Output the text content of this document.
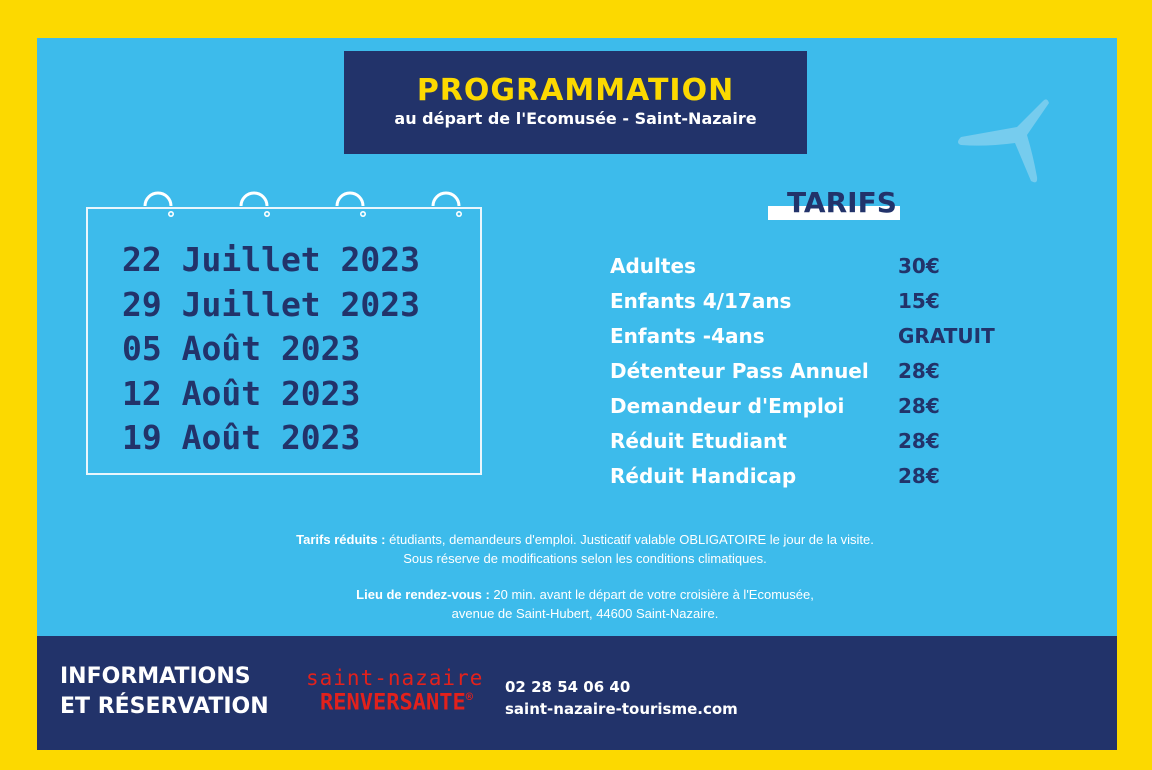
PROGRAMMATION
au départ de l'Ecomusée - Saint-Nazaire
22 Juillet 2023
29 Juillet 2023
05 Août 2023
12 Août 2023
19 Août 2023
TARIFS
Adultes	30€
Enfants 4/17ans	15€
Enfants -4ans	GRATUIT
Détenteur Pass Annuel 28€
Demandeur d'Emploi	28€
Réduit Etudiant	28€
Réduit Handicap	28€
Tarifs réduits : étudiants, demandeurs d'emploi. Justicatif valable OBLIGATOIRE le jour de la visite.
Sous réserve de modifications selon les conditions climatiques.
Lieu de rendez-vous : 20 min. avant le départ de votre croisière à l'Ecomusée,
avenue de Saint-Hubert, 44600 Saint-Nazaire.
INFORMATIONS
ET RÉSERVATION
saint-nazaire
RENVERSANTE®
02 28 54 06 40
saint-nazaire-tourisme.com
